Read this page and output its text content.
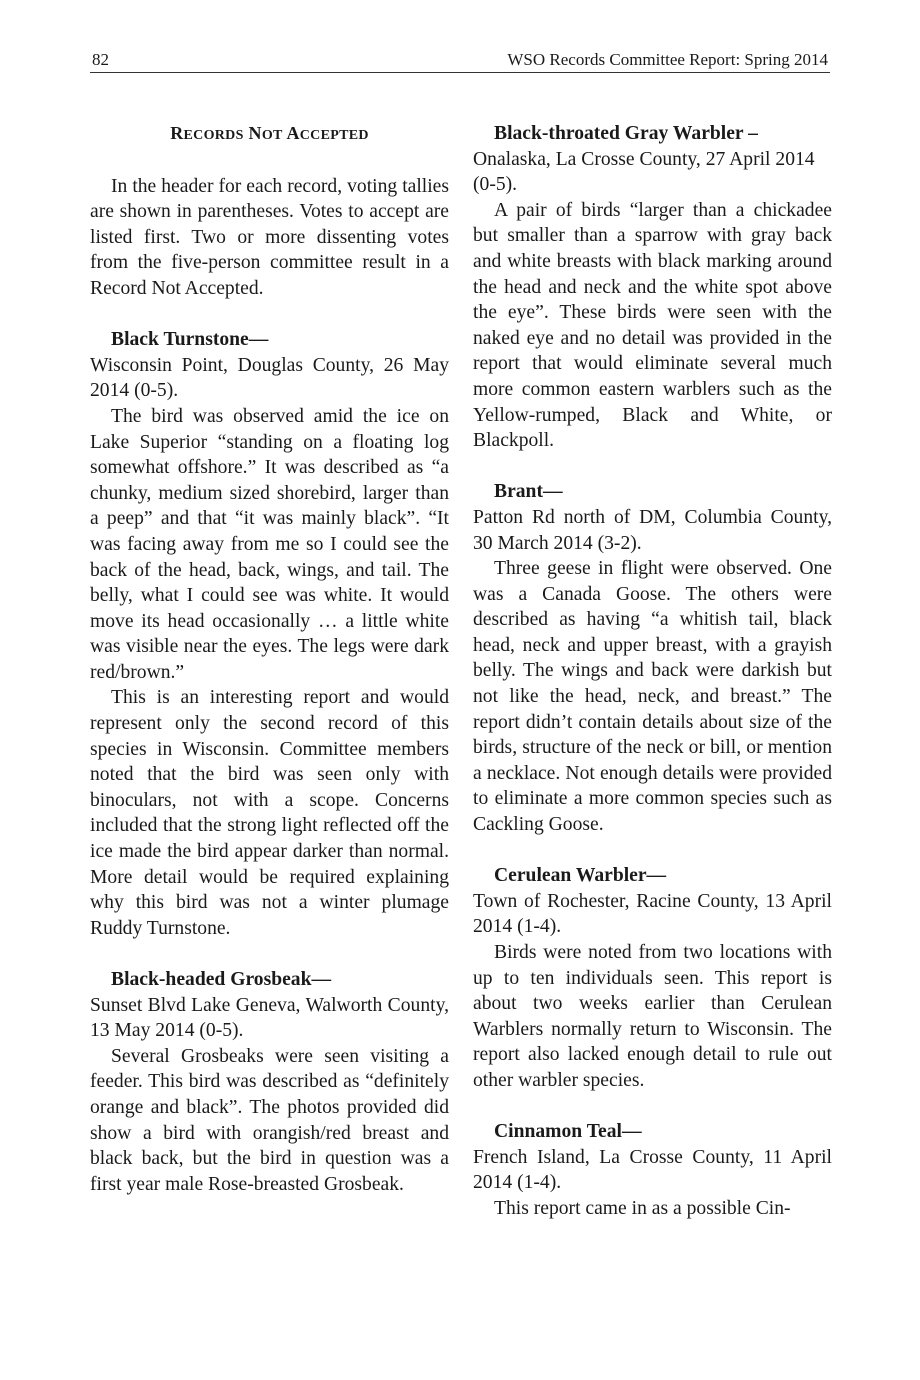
82	WSO Records Committee Report: Spring 2014

RECORDS NOT ACCEPTED

In the header for each record, voting tallies are shown in parentheses. Votes to accept are listed first. Two or more dissenting votes from the five-person committee result in a Record Not Accepted.

Black Turnstone—

Wisconsin Point, Douglas County, 26 May 2014 (0-5).

The bird was observed amid the ice on Lake Superior “standing on a floating log somewhat offshore.” It was described as “a chunky, medium sized shorebird, larger than a peep” and that “it was mainly black”. “It was facing away from me so I could see the back of the head, back, wings, and tail. The belly, what I could see was white. It would move its head occasionally … a little white was visible near the eyes. The legs were dark red/brown.”

This is an interesting report and would represent only the second record of this species in Wisconsin. Committee members noted that the bird was seen only with binoculars, not with a scope. Concerns included that the strong light reflected off the ice made the bird appear darker than normal. More detail would be required explaining why this bird was not a winter plumage Ruddy Turnstone.

Black-headed Grosbeak—

Sunset Blvd Lake Geneva, Walworth County, 13 May 2014 (0-5).

Several Grosbeaks were seen visiting a feeder. This bird was described as “definitely orange and black”. The photos provided did show a bird with orangish/red breast and black back, but the bird in question was a first year male Rose-breasted Grosbeak.

Black-throated Gray Warbler –

Onalaska, La Crosse County, 27 April 2014 (0-5).

A pair of birds “larger than a chickadee but smaller than a sparrow with gray back and white breasts with black marking around the head and neck and the white spot above the eye”. These birds were seen with the naked eye and no detail was provided in the report that would eliminate several much more common eastern warblers such as the Yellow-rumped, Black and White, or Blackpoll.

Brant—

Patton Rd north of DM, Columbia County, 30 March 2014 (3-2).

Three geese in flight were observed. One was a Canada Goose. The others were described as having “a whitish tail, black head, neck and upper breast, with a grayish belly. The wings and back were darkish but not like the head, neck, and breast.” The report didn’t contain details about size of the birds, structure of the neck or bill, or mention a necklace. Not enough details were provided to eliminate a more common species such as Cackling Goose.

Cerulean Warbler—

Town of Rochester, Racine County, 13 April 2014 (1-4).

Birds were noted from two locations with up to ten individuals seen. This report is about two weeks earlier than Cerulean Warblers normally return to Wisconsin. The report also lacked enough detail to rule out other warbler species.

Cinnamon Teal—

French Island, La Crosse County, 11 April 2014 (1-4).

This report came in as a possible Cin-
